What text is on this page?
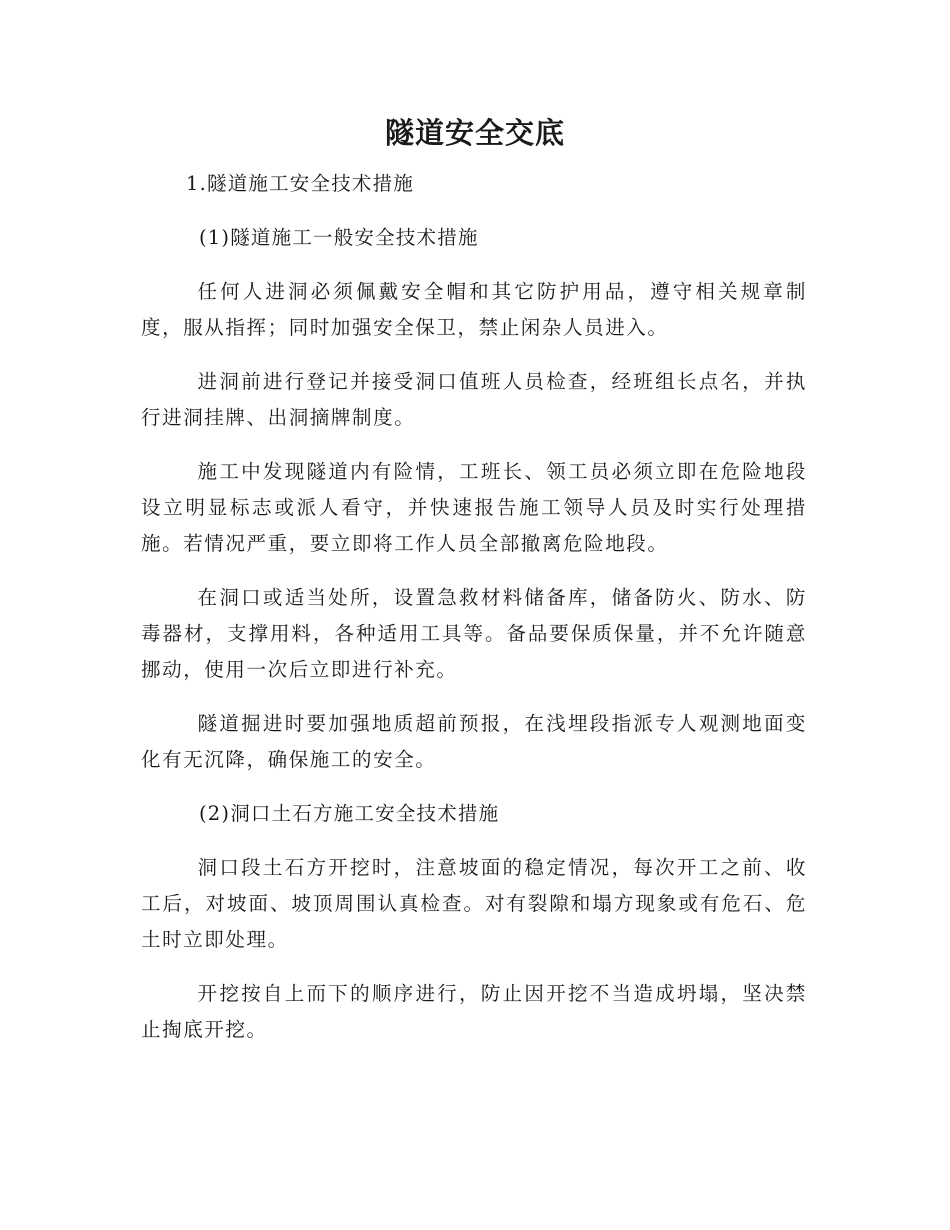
隧道安全交底

1.隧道施工安全技术措施

(1)隧道施工一般安全技术措施

任何人进洞必须佩戴安全帽和其它防护用品，遵守相关规章制度，服从指挥；同时加强安全保卫，禁止闲杂人员进入。

进洞前进行登记并接受洞口值班人员检查，经班组长点名，并执行进洞挂牌、出洞摘牌制度。

施工中发现隧道内有险情，工班长、领工员必须立即在危险地段设立明显标志或派人看守，并快速报告施工领导人员及时实行处理措施。若情况严重，要立即将工作人员全部撤离危险地段。

在洞口或适当处所，设置急救材料储备库，储备防火、防水、防毒器材，支撑用料，各种适用工具等。备品要保质保量，并不允许随意挪动，使用一次后立即进行补充。

隧道掘进时要加强地质超前预报，在浅埋段指派专人观测地面变化有无沉降，确保施工的安全。

(2)洞口土石方施工安全技术措施

洞口段土石方开挖时，注意坡面的稳定情况，每次开工之前、收工后，对坡面、坡顶周围认真检查。对有裂隙和塌方现象或有危石、危土时立即处理。

开挖按自上而下的顺序进行，防止因开挖不当造成坍塌，坚决禁止掏底开挖。
